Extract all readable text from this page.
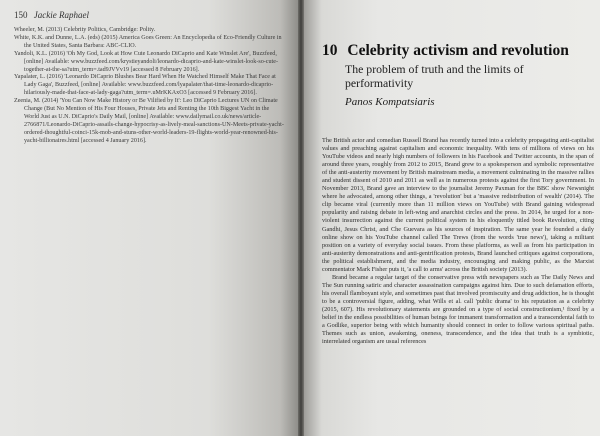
150 Jackie Raphael

Wheeler, M. (2013) Celebrity Politics, Cambridge: Polity.

White, K.K. and Dunne, L.A. (eds) (2015) America Goes Green: An Encyclopedia of Eco-Friendly Culture in the United States, Santa Barbara: ABC-CLIO.

Yandoli, K.L. (2016) 'Oh My God, Look at How Cute Leonardo DiCaprio and Kate Winslet Are', Buzzfeed, [online] Available: www.buzzfeed.com/krystieyandoli/leonardo-dicaprio-and-kate-winslet-look-so-cute-together-at-the-sa?utm_term=.tad9JVVv19 [accessed 8 February 2016].

Yapalater, L. (2016) 'Leonardo DiCaprio Blushes Bear Hard When He Watched Himself Make That Face at Lady Gaga', Buzzfeed, [online] Available: www.buzzfeed.com/lyapalater/that-time-leonardo-dicaprio-hilariously-made-that-face-at-lady-gaga?utm_term=.uMrKKAxO3 [accessed 9 February 2016].

Zeenia, M. (2014) 'You Can Now Make History or Be Vilified by It': Leo DiCaprio Lectures UN on Climate Change (But No Mention of His Four Houses, Private Jets and Renting the 10th Biggest Yacht in the World Just as U.N. DiCaprio's Daily Mail, [online] Available: www.dailymail.co.uk/news/article-2766871/Leonardo-DiCaprio-assails-change-hypocrisy-as-lively-meal-sanctions-UN-Meets-private-yacht-ordered-thoughtful-coinci-15k-mob-and-stuns-other-world-leaders-19-flights-world-year-renowned-his-yacht-billionaires.html [accessed 4 January 2016].

10 Celebrity activism and revolution
The problem of truth and the limits of performativity
Panos Kompatsiaris

The British actor and comedian Russell Brand has recently turned into a celebrity propagating anti-capitalist values and preaching against capitalism and economic inequality. With tens of millions of views on his YouTube videos and nearly high numbers of followers in his Facebook and Twitter accounts, in the span of around three years, roughly from 2012 to 2015, Brand grew to a spokesperson and symbolic representative of the anti-austerity movement by British mainstream media, a movement culminating in the massive rallies and student dissent of 2010 and 2011 as well as in numerous protests against the first Tory government. In November 2013, Brand gave an interview to the journalist Jeremy Paxman for the BBC show Newsnight where he advocated, among other things, a 'revolution' but a 'massive redistribution of wealth' (2014). The clip became viral (currently more than 11 million views on YouTube) with Brand gaining widespread popularity and raising debate in left-wing and anarchist circles and the press. In 2014, he urged for a non-violent insurrection against the current political system in his eloquently titled book Revolution, citing Gandhi, Jesus Christ, and Che Guevara as his sources of inspiration. The same year he founded a daily online show on his YouTube channel called The Trews (from the words 'true news'), taking a militant position on a variety of everyday social issues. From these platforms, as well as from his participation in anti-austerity demonstrations and anti-gentrification protests, Brand launched critiques against corporations, the political establishment, and the media industry, encouraging and making public, as the Marxist commentator Mark Fisher puts it, 'a call to arms' across the British society (2013).

Brand became a regular target of the conservative press with newspapers such as The Daily News and The Sun running satiric and character assassination campaigns against him. Due to such defamation efforts, his overall flamboyant style, and sometimes past that involved promiscuity and drug addiction, he is thought to be a controversial figure, adding, what Wills et al. call 'public drama' to his reputation as a celebrity (2015, 607). His revolutionary statements are grounded on a type of social constructionism,¹ fixed by a belief in the endless possibilities of human beings for immanent transformation and a transcendental faith to a Godlike, superior being with which humanity should connect in order to follow various spiritual paths. Themes such as union, awakening, oneness, transcendence, and the idea that truth is a symbiotic, interrelated organism are usual references
